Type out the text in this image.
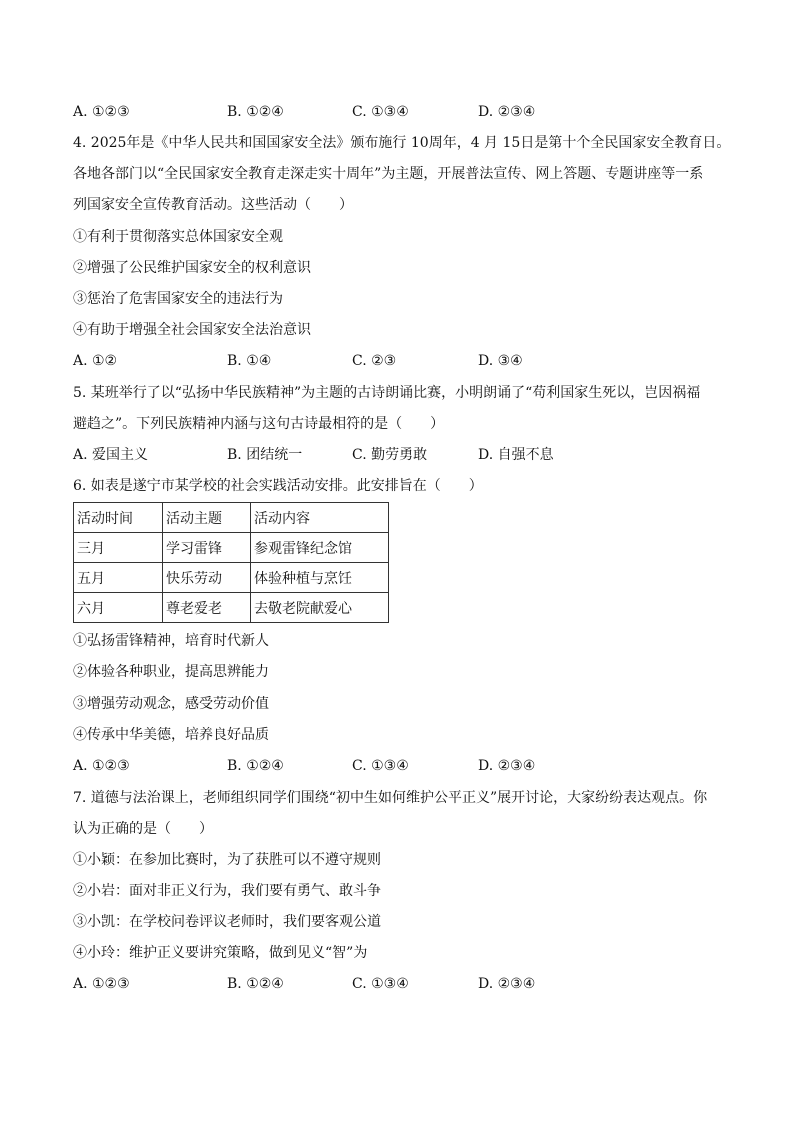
A. ①②③	B. ①②④	C. ①③④	D. ②③④
4. 2025年是《中华人民共和国国家安全法》颁布施行 10周年，4 月 15日是第十个全民国家安全教育日。
各地各部门以“全民国家安全教育走深走实十周年”为主题，开展普法宣传、网上答题、专题讲座等一系
列国家安全宣传教育活动。这些活动（　　）
①有利于贯彻落实总体国家安全观
②增强了公民维护国家安全的权利意识
③惩治了危害国家安全的违法行为
④有助于增强全社会国家安全法治意识
A. ①②	B. ①④	C. ②③	D. ③④
5. 某班举行了以“弘扬中华民族精神”为主题的古诗朗诵比赛，小明朗诵了“苟利国家生死以，岂因祸福
避趋之”。下列民族精神内涵与这句古诗最相符的是（　　）
A. 爱国主义	B. 团结统一	C. 勤劳勇敢	D. 自强不息
6. 如表是遂宁市某学校的社会实践活动安排。此安排旨在（　　）
活动时间	活动主题	活动内容
三月	学习雷锋	参观雷锋纪念馆
五月	快乐劳动	体验种植与烹饪
六月	尊老爱老	去敬老院献爱心
①弘扬雷锋精神，培育时代新人
②体验各种职业，提高思辨能力
③增强劳动观念，感受劳动价值
④传承中华美德，培养良好品质
A. ①②③	B. ①②④	C. ①③④	D. ②③④
7. 道德与法治课上，老师组织同学们围绕“初中生如何维护公平正义”展开讨论，大家纷纷表达观点。你
认为正确的是（　　）
①小颖：在参加比赛时，为了获胜可以不遵守规则
②小岩：面对非正义行为，我们要有勇气、敢斗争
③小凯：在学校问卷评议老师时，我们要客观公道
④小玲：维护正义要讲究策略，做到见义“智”为
A. ①②③	B. ①②④	C. ①③④	D. ②③④
